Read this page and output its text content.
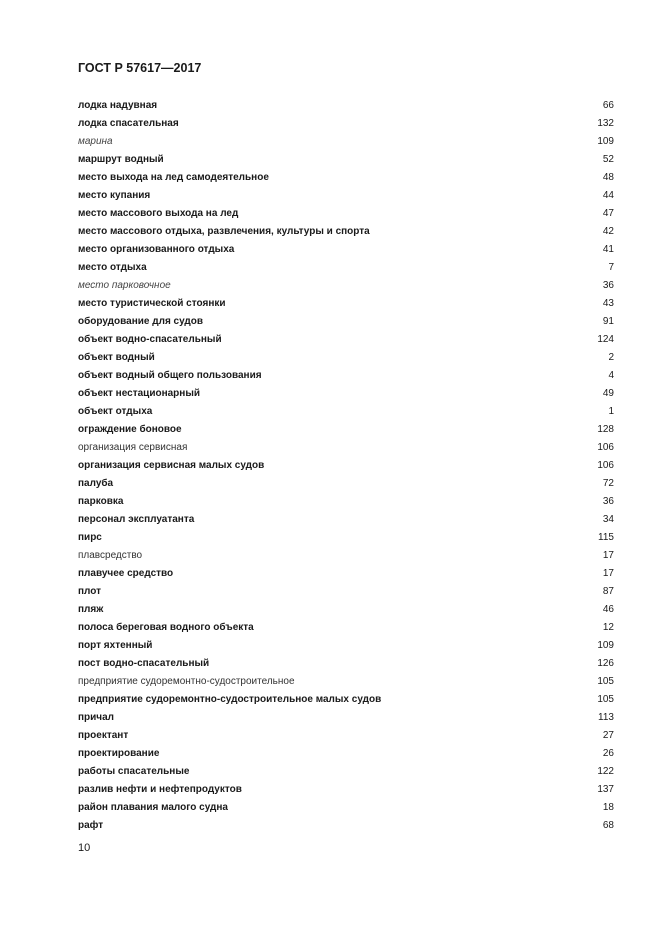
ГОСТ Р 57617—2017
лодка надувная	66
лодка спасательная	132
марина	109
маршрут водный	52
место выхода на лед самодеятельное	48
место купания	44
место массового выхода на лед	47
место массового отдыха, развлечения, культуры и спорта	42
место организованного отдыха	41
место отдыха	7
место парковочное	36
место туристической стоянки	43
оборудование для судов	91
объект водно-спасательный	124
объект водный	2
объект водный общего пользования	4
объект нестационарный	49
объект отдыха	1
ограждение боновое	128
организация сервисная	106
организация сервисная малых судов	106
палуба	72
парковка	36
персонал эксплуатанта	34
пирс	115
плавсредство	17
плавучее средство	17
плот	87
пляж	46
полоса береговая водного объекта	12
порт яхтенный	109
пост водно-спасательный	126
предприятие судоремонтно-судостроительное	105
предприятие судоремонтно-судостроительное малых судов	105
причал	113
проектант	27
проектирование	26
работы спасательные	122
разлив нефти и нефтепродуктов	137
район плавания малого судна	18
рафт	68
10
